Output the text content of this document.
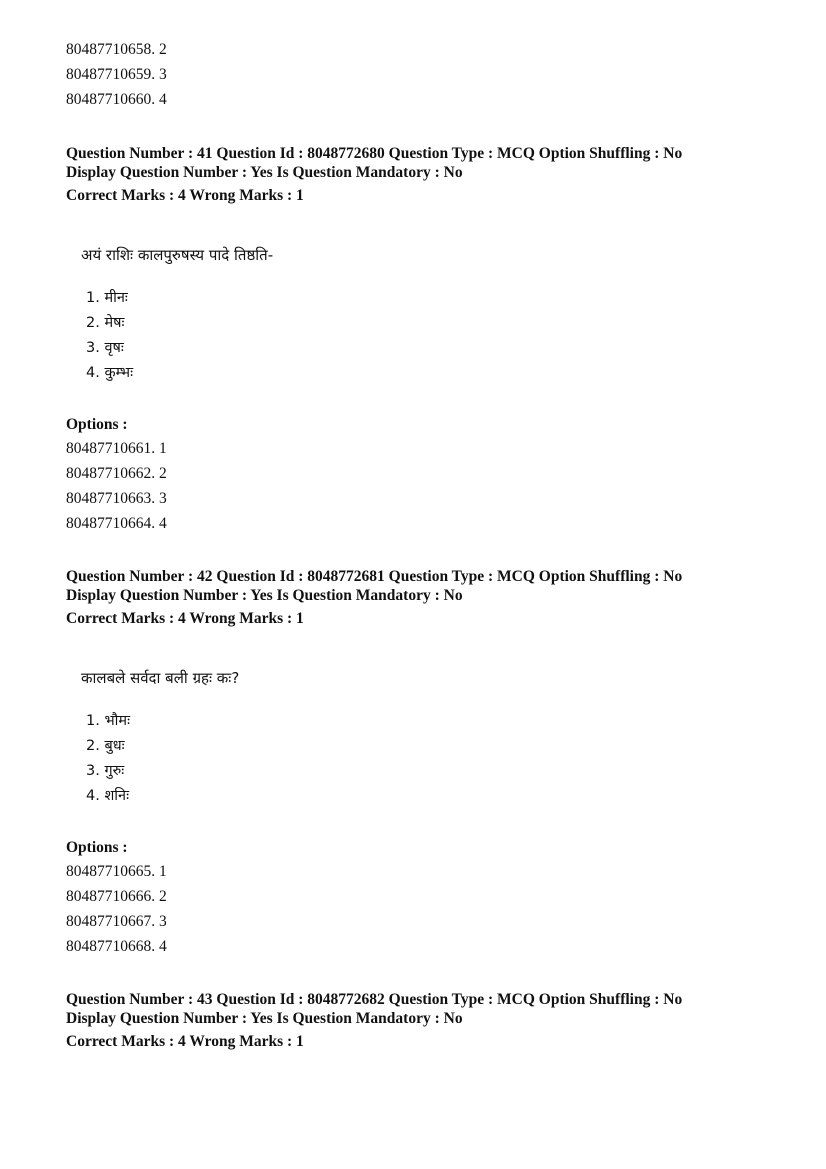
80487710658. 2
80487710659. 3
80487710660. 4
Question Number : 41 Question Id : 8048772680 Question Type : MCQ Option Shuffling : No
Display Question Number : Yes Is Question Mandatory : No
Correct Marks : 4 Wrong Marks : 1
अयं राशिः कालपुरुषस्य पादे तिष्ठति-
1. मीनः
2. मेषः
3. वृषः
4. कुम्भः
Options :
80487710661. 1
80487710662. 2
80487710663. 3
80487710664. 4
Question Number : 42 Question Id : 8048772681 Question Type : MCQ Option Shuffling : No
Display Question Number : Yes Is Question Mandatory : No
Correct Marks : 4 Wrong Marks : 1
कालबले सर्वदा बली ग्रहः कः?
1. भौमः
2. बुधः
3. गुरुः
4. शनिः
Options :
80487710665. 1
80487710666. 2
80487710667. 3
80487710668. 4
Question Number : 43 Question Id : 8048772682 Question Type : MCQ Option Shuffling : No
Display Question Number : Yes Is Question Mandatory : No
Correct Marks : 4 Wrong Marks : 1
